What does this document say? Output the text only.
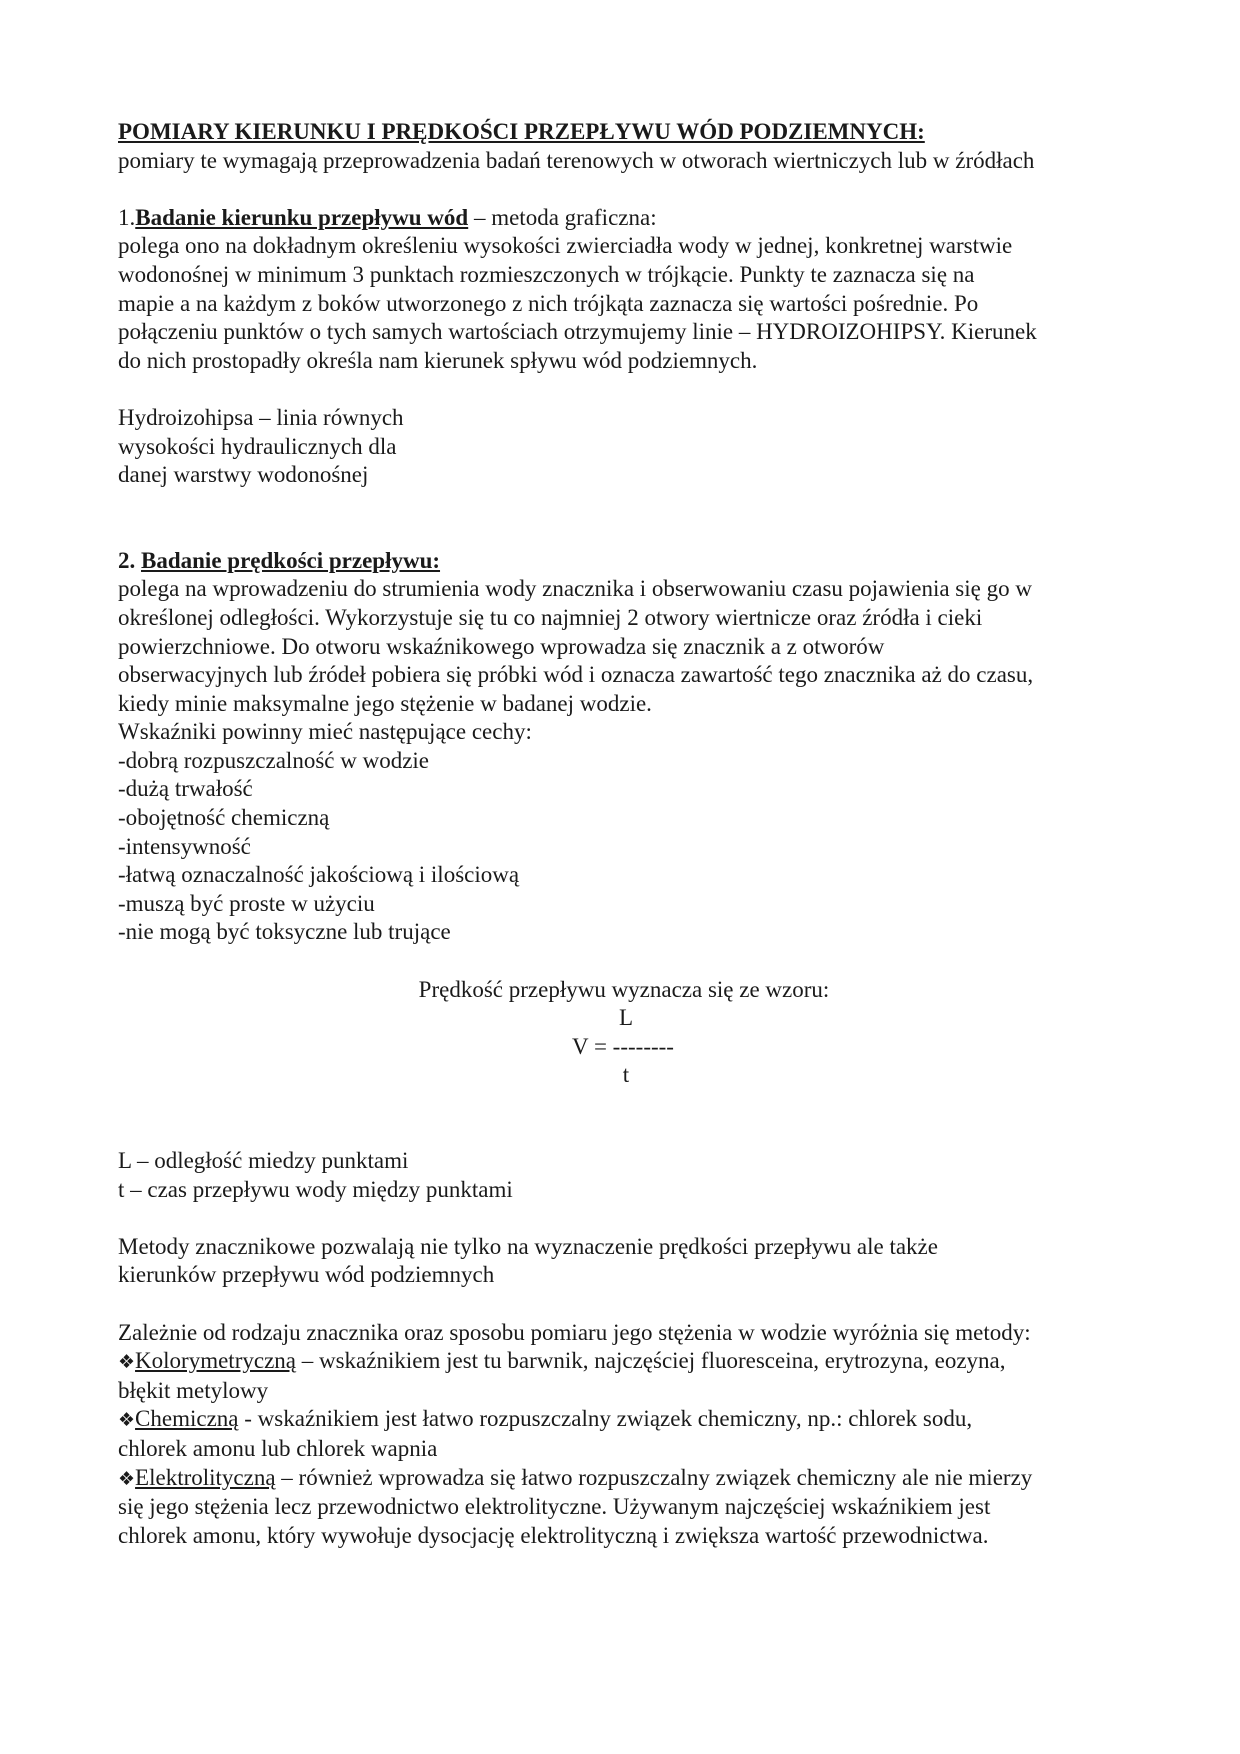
POMIARY KIERUNKU I PRĘDKOŚCI PRZEPŁYWU WÓD PODZIEMNYCH:

pomiary te wymagają przeprowadzenia badań terenowych w otworach wiertniczych lub w źródłach

1.Badanie kierunku przepływu wód – metoda graficzna:

polega ono na dokładnym określeniu wysokości zwierciadła wody w jednej, konkretnej warstwie

wodonośnej w minimum 3 punktach rozmieszczonych w trójkącie. Punkty te zaznacza się na

mapie a na każdym z boków utworzonego z nich trójkąta zaznacza się wartości pośrednie. Po

połączeniu punktów o tych samych wartościach otrzymujemy linie – HYDROIZOHIPSY. Kierunek

do nich prostopadły określa nam kierunek spływu wód podziemnych.

Hydroizohipsa – linia równych

wysokości hydraulicznych dla

danej warstwy wodonośnej

2. Badanie prędkości przepływu:

polega na wprowadzeniu do strumienia wody znacznika i obserwowaniu czasu pojawienia się go w

określonej odległości. Wykorzystuje się tu co najmniej 2 otwory wiertnicze oraz źródła i cieki

powierzchniowe. Do otworu wskaźnikowego wprowadza się znacznik a z otworów

obserwacyjnych lub źródeł pobiera się próbki wód i oznacza zawartość tego znacznika aż do czasu,

kiedy minie maksymalne jego stężenie w badanej wodzie.

Wskaźniki powinny mieć następujące cechy:

-dobrą rozpuszczalność w wodzie

-dużą trwałość

-obojętność chemiczną

-intensywność

-łatwą oznaczalność jakościową i ilościową

-muszą być proste w użyciu

-nie mogą być toksyczne lub trujące

Prędkość przepływu wyznacza się ze wzoru:

L
V = --------
t

L – odległość miedzy punktami

t – czas przepływu wody między punktami

Metody znacznikowe pozwalają nie tylko na wyznaczenie prędkości przepływu ale także

kierunków przepływu wód podziemnych

Zależnie od rodzaju znacznika oraz sposobu pomiaru jego stężenia w wodzie wyróżnia się metody:

❖Kolorymetryczną – wskaźnikiem jest tu barwnik, najczęściej fluoresceina, erytrozyna, eozyna,

błękit metylowy

❖Chemiczną - wskaźnikiem jest łatwo rozpuszczalny związek chemiczny, np.: chlorek sodu,

chlorek amonu lub chlorek wapnia

❖Elektrolityczną – również wprowadza się łatwo rozpuszczalny związek chemiczny ale nie mierzy

się jego stężenia lecz przewodnictwo elektrolityczne. Używanym najczęściej wskaźnikiem jest

chlorek amonu, który wywołuje dysocjację elektrolityczną i zwiększa wartość przewodnictwa.
